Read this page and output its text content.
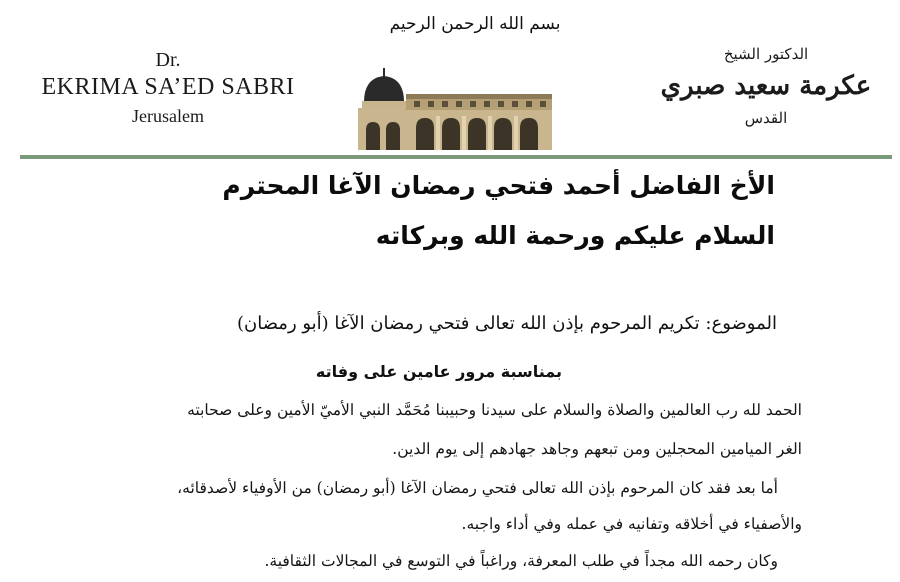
بسم الله الرحمن الرحيم
Dr.
EKRIMA SA’ED SABRI
Jerusalem
الدكتور الشيخ
عكرمة سعيد صبري
القدس
الأخ الفاضل أحمد فتحي رمضان الآغا المحترم
السلام عليكم ورحمة الله وبركاته
الموضوع: تكريم المرحوم بإذن الله تعالى فتحي رمضان الآغا (أبو رمضان)
بمناسبة مرور عامين على وفاته
الحمد لله رب العالمين والصلاة والسلام على سيدنا وحبيبنا مُحَمَّد النبي الأميّ الأمين وعلى صحابته
الغر الميامين المحجلين ومن تبعهم وجاهد جهادهم إلى يوم الدين.
أما بعد فقد كان المرحوم بإذن الله تعالى فتحي رمضان الآغا (أبو رمضان) من الأوفياء لأصدقائه،
والأصفياء في أخلاقه وتفانيه في عمله وفي أداء واجبه.
وكان رحمه الله مجداً في طلب المعرفة، وراغباً في التوسع في المجالات الثقافية.
